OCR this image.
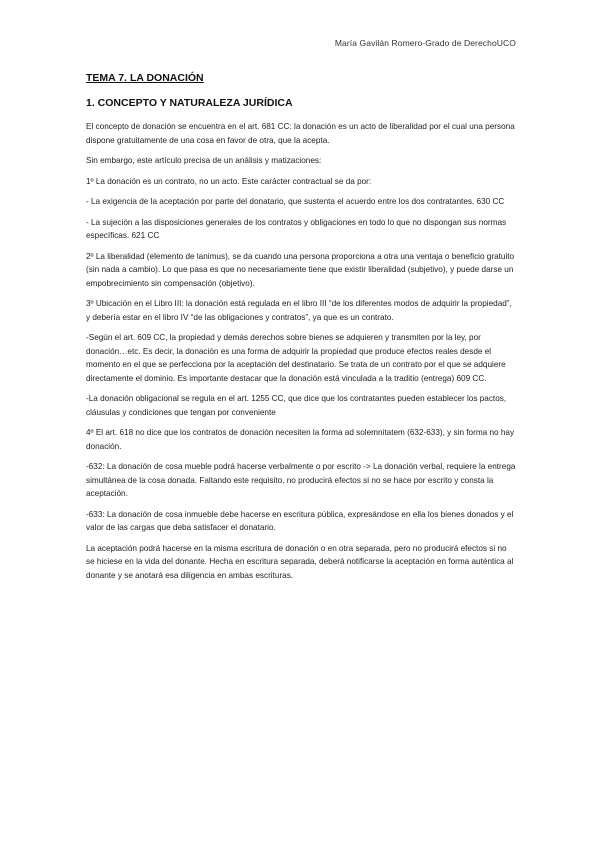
María Gavilán Romero-Grado de DerechoUCO
TEMA 7. LA DONACIÓN
1. CONCEPTO Y NATURALEZA JURÍDICA

El concepto de donación se encuentra en el art. 681 CC: la donación es un acto de liberalidad por el cual una persona dispone gratuitamente de una cosa en favor de otra, que la acepta.

Sin embargo, este artículo precisa de un análisis y matizaciones:

1º La donación es un contrato, no un acto. Este carácter contractual se da por:

- La exigencia de la aceptación por parte del donatario, que sustenta el acuerdo entre los dos contratantes. 630 CC

- La sujeción a las disposiciones generales de los contratos y obligaciones en todo lo que no dispongan sus normas específicas. 621 CC

2º La liberalidad (elemento de lanimus), se da cuando una persona proporciona a otra una ventaja o beneficio gratuito (sin nada a cambio). Lo que pasa es que no necesariamente tiene que existir liberalidad (subjetivo), y puede darse un empobrecimiento sin compensación (objetivo).

3º Ubicación en el Libro III: la donación está regulada en el libro III “de los diferentes modos de adquirir la propiedad”, y debería estar en el libro IV “de las obligaciones y contratos”, ya que es un contrato.

-Según el art. 609 CC, la propiedad y demás derechos sobre bienes se adquieren y transmiten por la ley, por donación…etc. Es decir, la donación es una forma de adquirir la propiedad que produce efectos reales desde el momento en el que se perfecciona por la aceptación del destinatario. Se trata de un contrato por el que se adquiere directamente el dominio. Es importante destacar que la donación está vinculada a la traditio (entrega) 609 CC.

-La donación obligacional se regula en el art. 1255 CC, que dice que los contratantes pueden establecer los pactos, cláusulas y condiciones que tengan por conveniente

4º El art. 618 no dice que los contratos de donación necesiten la forma ad solemnitatem (632-633), y sin forma no hay donación.

-632: La donación de cosa mueble podrá hacerse verbalmente o por escrito -> La donación verbal, requiere la entrega simultánea de la cosa donada. Faltando este requisito, no producirá efectos si no se hace por escrito y consta la aceptación.

-633: La donación de cosa inmueble debe hacerse en escritura pública, expresándose en ella los bienes donados y el valor de las cargas que deba satisfacer el donatario.

La aceptación podrá hacerse en la misma escritura de donación o en otra separada, pero no producirá efectos si no se hiciese en la vida del donante. Hecha en escritura separada, deberá notificarse la aceptación en forma auténtica al donante y se anotará esa diligencia en ambas escrituras.
